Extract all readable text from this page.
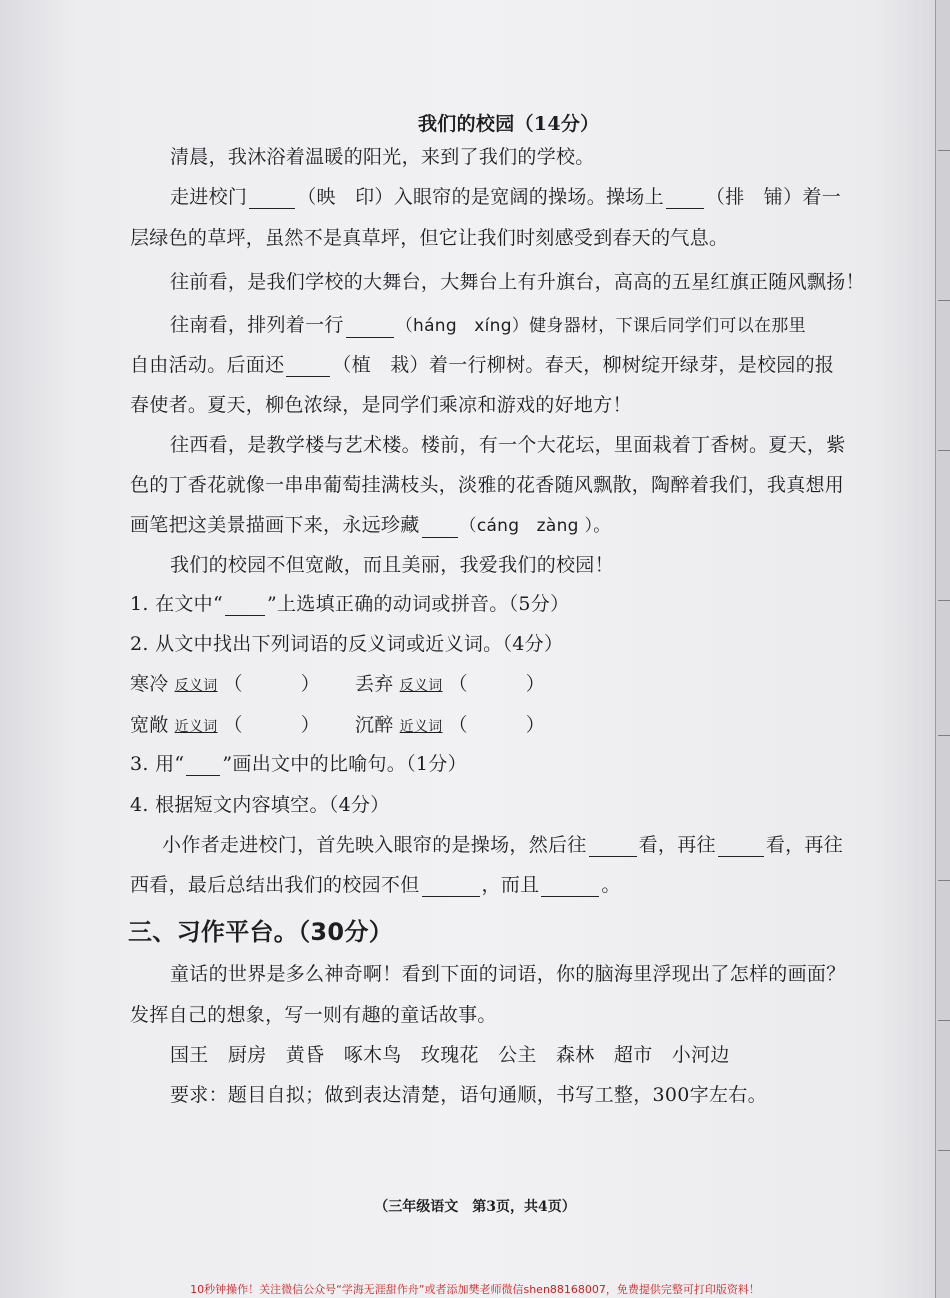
我们的校园（14分）
清晨，我沐浴着温暖的阳光，来到了我们的学校。
走进校门	（映　印）入眼帘的是宽阔的操场。操场上 （排　铺）着一
层绿色的草坪，虽然不是真草坪，但它让我们时刻感受到春天的气息。
往前看，是我们学校的大舞台，大舞台上有升旗台，高高的五星红旗正随风飘扬！
往南看，排列着一行	（háng　xíng）健身器材，下课后同学们可以在那里
自由活动。后面还	（植　栽）着一行柳树。春天，柳树绽开绿芽，是校园的报
春使者。夏天，柳色浓绿，是同学们乘凉和游戏的好地方！
往西看，是教学楼与艺术楼。楼前，有一个大花坛，里面栽着丁香树。夏天，紫
色的丁香花就像一串串葡萄挂满枝头，淡雅的花香随风飘散，陶醉着我们，我真想用
画笔把这美景描画下来，永远珍藏 （cáng　zàng ）。
我们的校园不但宽敞，而且美丽，我爱我们的校园！
1. 在文中“ ”上选填正确的动词或拼音。（5分）
2. 从文中找出下列词语的反义词或近义词。（4分）
寒冷 反义词 （　　　） 丢弃 反义词 （　　　）
宽敞 近义词 （　　　） 沉醉 近义词 （　　　）
3. 用“ ”画出文中的比喻句。（1分）
4. 根据短文内容填空。（4分）
小作者走进校门，首先映入眼帘的是操场，然后往	看，再往	看，再往
西看，最后总结出我们的校园不但	，而且	。
三、习作平台。（30分）
童话的世界是多么神奇啊！看到下面的词语，你的脑海里浮现出了怎样的画面？
发挥自己的想象，写一则有趣的童话故事。
国王　厨房　黄昏　啄木鸟　玫瑰花　公主　森林　超市　小河边
要求：题目自拟；做到表达清楚，语句通顺，书写工整，300字左右。
（三年级语文　第3页，共4页）
10秒钟操作！关注微信公众号“学海无涯甜作舟”或者添加樊老师微信shen88168007，免费提供完整可打印版资料！
